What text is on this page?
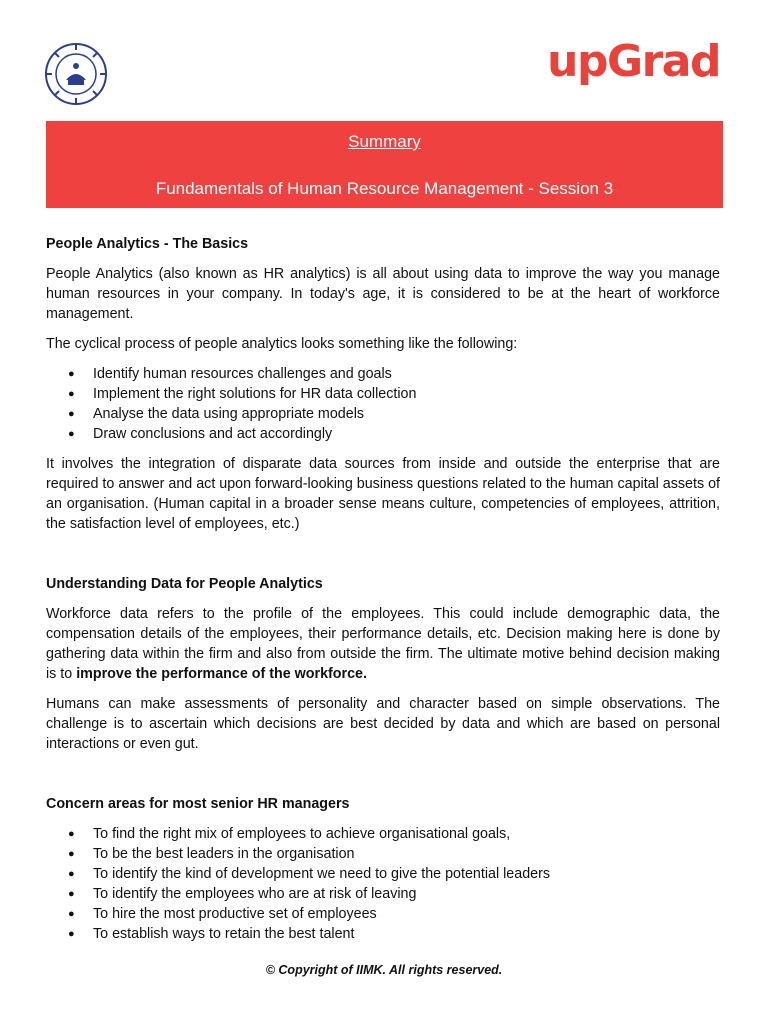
upGrad
Summary
Fundamentals of Human Resource Management - Session 3
People Analytics - The Basics

People Analytics (also known as HR analytics) is all about using data to improve the way you manage human resources in your company. In today's age, it is considered to be at the heart of workforce management.

The cyclical process of people analytics looks something like the following:

● Identify human resources challenges and goals
● Implement the right solutions for HR data collection
● Analyse the data using appropriate models
● Draw conclusions and act accordingly

It involves the integration of disparate data sources from inside and outside the enterprise that are required to answer and act upon forward-looking business questions related to the human capital assets of an organisation. (Human capital in a broader sense means culture, competencies of employees, attrition, the satisfaction level of employees, etc.)

Understanding Data for People Analytics

Workforce data refers to the profile of the employees. This could include demographic data, the compensation details of the employees, their performance details, etc. Decision making here is done by gathering data within the firm and also from outside the firm. The ultimate motive behind decision making is to improve the performance of the workforce.

Humans can make assessments of personality and character based on simple observations. The challenge is to ascertain which decisions are best decided by data and which are based on personal interactions or even gut.

Concern areas for most senior HR managers
● To find the right mix of employees to achieve organisational goals,
● To be the best leaders in the organisation
● To identify the kind of development we need to give the potential leaders
● To identify the employees who are at risk of leaving
● To hire the most productive set of employees
● To establish ways to retain the best talent
© Copyright of IIMK. All rights reserved.
